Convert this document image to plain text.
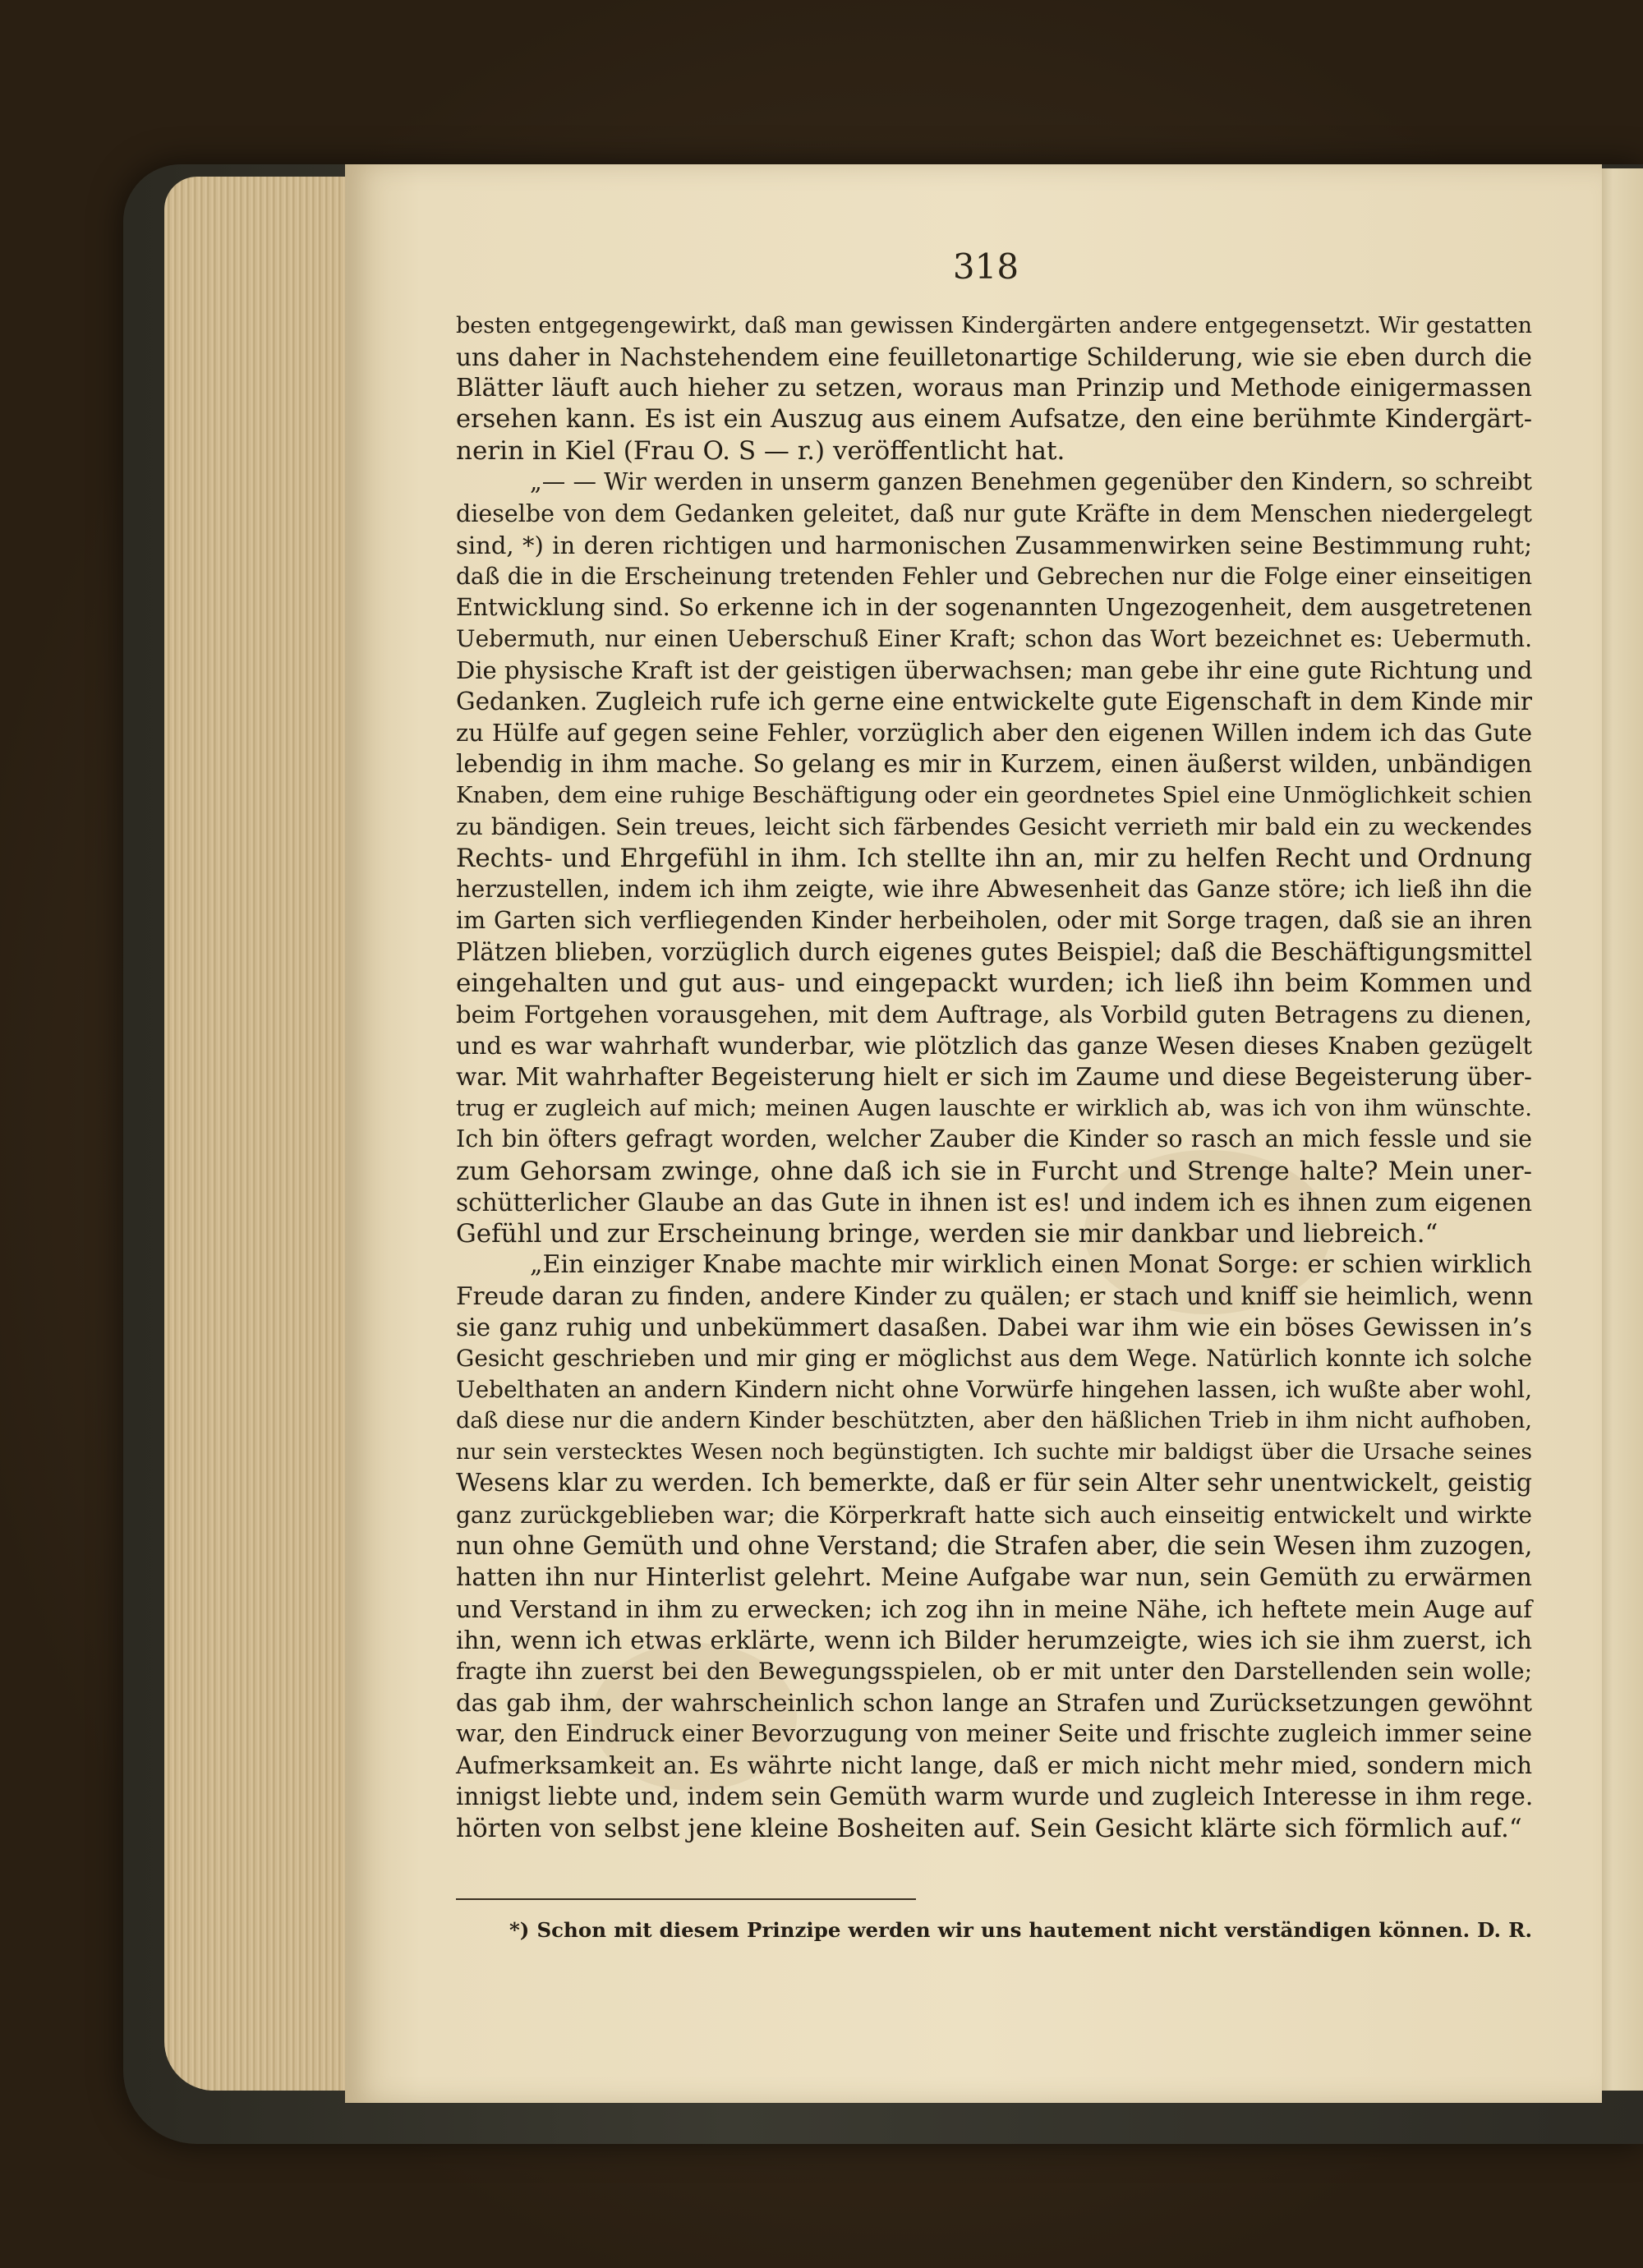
318
besten entgegengewirkt, daß man gewissen Kindergärten andere entgegensetzt. Wir gestatten
uns daher in Nachstehendem eine feuilletonartige Schilderung, wie sie eben durch die
Blätter läuft auch hieher zu setzen, woraus man Prinzip und Methode einigermassen
ersehen kann. Es ist ein Auszug aus einem Aufsatze, den eine berühmte Kindergärt-
nerin in Kiel (Frau O. S — r.) veröffentlicht hat.
„— — Wir werden in unserm ganzen Benehmen gegenüber den Kindern, so schreibt
dieselbe von dem Gedanken geleitet, daß nur gute Kräfte in dem Menschen niedergelegt
sind, *) in deren richtigen und harmonischen Zusammenwirken seine Bestimmung ruht;
daß die in die Erscheinung tretenden Fehler und Gebrechen nur die Folge einer einseitigen
Entwicklung sind. So erkenne ich in der sogenannten Ungezogenheit, dem ausgetretenen
Uebermuth, nur einen Ueberschuß Einer Kraft; schon das Wort bezeichnet es: Uebermuth.
Die physische Kraft ist der geistigen überwachsen; man gebe ihr eine gute Richtung und
Gedanken. Zugleich rufe ich gerne eine entwickelte gute Eigenschaft in dem Kinde mir
zu Hülfe auf gegen seine Fehler, vorzüglich aber den eigenen Willen indem ich das Gute
lebendig in ihm mache. So gelang es mir in Kurzem, einen äußerst wilden, unbändigen
Knaben, dem eine ruhige Beschäftigung oder ein geordnetes Spiel eine Unmöglichkeit schien
zu bändigen. Sein treues, leicht sich färbendes Gesicht verrieth mir bald ein zu weckendes
Rechts- und Ehrgefühl in ihm. Ich stellte ihn an, mir zu helfen Recht und Ordnung
herzustellen, indem ich ihm zeigte, wie ihre Abwesenheit das Ganze störe; ich ließ ihn die
im Garten sich verfliegenden Kinder herbeiholen, oder mit Sorge tragen, daß sie an ihren
Plätzen blieben, vorzüglich durch eigenes gutes Beispiel; daß die Beschäftigungsmittel
eingehalten und gut aus- und eingepackt wurden; ich ließ ihn beim Kommen und
beim Fortgehen vorausgehen, mit dem Auftrage, als Vorbild guten Betragens zu dienen,
und es war wahrhaft wunderbar, wie plötzlich das ganze Wesen dieses Knaben gezügelt
war. Mit wahrhafter Begeisterung hielt er sich im Zaume und diese Begeisterung über-
trug er zugleich auf mich; meinen Augen lauschte er wirklich ab, was ich von ihm wünschte.
Ich bin öfters gefragt worden, welcher Zauber die Kinder so rasch an mich fessle und sie
zum Gehorsam zwinge, ohne daß ich sie in Furcht und Strenge halte? Mein uner-
schütterlicher Glaube an das Gute in ihnen ist es! und indem ich es ihnen zum eigenen
Gefühl und zur Erscheinung bringe, werden sie mir dankbar und liebreich.“
„Ein einziger Knabe machte mir wirklich einen Monat Sorge: er schien wirklich
Freude daran zu finden, andere Kinder zu quälen; er stach und kniff sie heimlich, wenn
sie ganz ruhig und unbekümmert dasaßen. Dabei war ihm wie ein böses Gewissen in’s
Gesicht geschrieben und mir ging er möglichst aus dem Wege. Natürlich konnte ich solche
Uebelthaten an andern Kindern nicht ohne Vorwürfe hingehen lassen, ich wußte aber wohl,
daß diese nur die andern Kinder beschützten, aber den häßlichen Trieb in ihm nicht aufhoben,
nur sein verstecktes Wesen noch begünstigten. Ich suchte mir baldigst über die Ursache seines
Wesens klar zu werden. Ich bemerkte, daß er für sein Alter sehr unentwickelt, geistig
ganz zurückgeblieben war; die Körperkraft hatte sich auch einseitig entwickelt und wirkte
nun ohne Gemüth und ohne Verstand; die Strafen aber, die sein Wesen ihm zuzogen,
hatten ihn nur Hinterlist gelehrt. Meine Aufgabe war nun, sein Gemüth zu erwärmen
und Verstand in ihm zu erwecken; ich zog ihn in meine Nähe, ich heftete mein Auge auf
ihn, wenn ich etwas erklärte, wenn ich Bilder herumzeigte, wies ich sie ihm zuerst, ich
fragte ihn zuerst bei den Bewegungsspielen, ob er mit unter den Darstellenden sein wolle;
das gab ihm, der wahrscheinlich schon lange an Strafen und Zurücksetzungen gewöhnt
war, den Eindruck einer Bevorzugung von meiner Seite und frischte zugleich immer seine
Aufmerksamkeit an. Es währte nicht lange, daß er mich nicht mehr mied, sondern mich
innigst liebte und, indem sein Gemüth warm wurde und zugleich Interesse in ihm rege.
hörten von selbst jene kleine Bosheiten auf. Sein Gesicht klärte sich förmlich auf.“
*) Schon mit diesem Prinzipe werden wir uns hautement nicht verständigen können. D. R.
